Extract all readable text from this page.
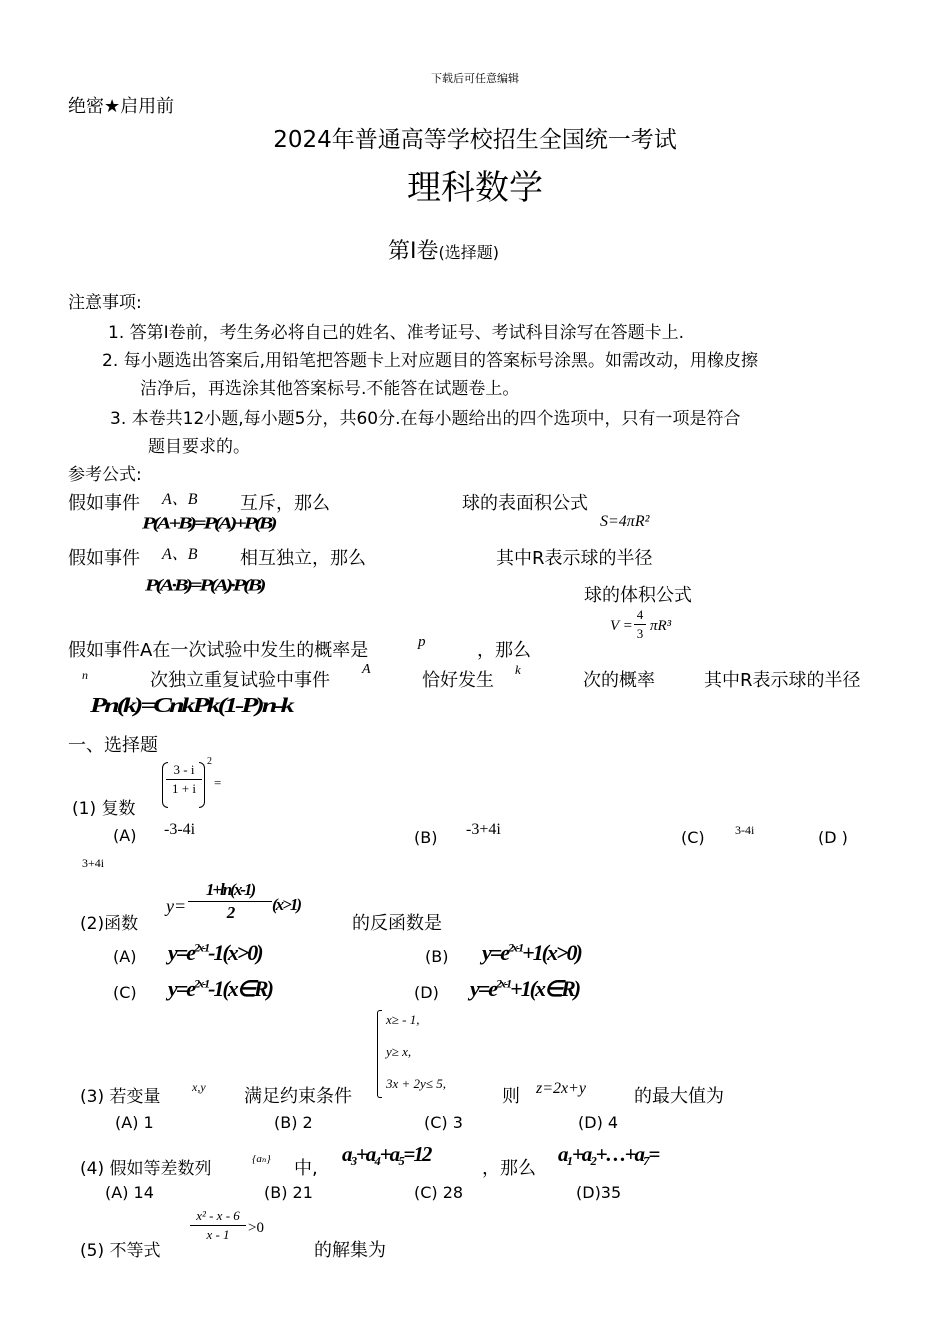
下载后可任意编辑
绝密★启用前
2024年普通高等学校招生全国统一考试
理科数学
第Ⅰ卷(选择题)
注意事项:
1. 答第Ⅰ卷前，考生务必将自己的姓名、准考证号、考试科目涂写在答题卡上.
2. 每小题选出答案后,用铅笔把答题卡上对应题目的答案标号涂黑。如需改动，用橡皮擦
洁净后，再选涂其他答案标号.不能答在试题卷上。
3. 本卷共12小题,每小题5分，共60分.在每小题给出的四个选项中，只有一项是符合
题目要求的。
参考公式:
假如事件 A、B 互斥，那么	球的表面积公式
P(A+B)=P(A)+P(B)	S=4πR²
假如事件 A、B 相互独立，那么	其中R表示球的半径
P(A·B)=P(A)·P(B)
球的体积公式
V =
4
3 πR³
假如事件A在一次试验中发生的概率是	p	，那么
n	次独立重复试验中事件
A
恰好发生
k
次的概率	其中R表示球的半径
Pn(k)=CnkPk(1-P)n-k
一、选择题
(1) 复数
3 - i
1 + i
2
=
(A) -3-4i	(B) -3+4i	(C)	3-4i	(D )
3+4i
(2)函数
y=
1+ln(x-1)
2	(x>1)
的反函数是
(A) $y=e^{2x-1}-1(x>0)$	(B) $y=e^{2x-1}+1(x>0)$
(C) $y=e^{2x-1}-1(x\in R)$	(D) $y=e^{2x-1}+1(x\in R)$
(3) 若变量	x,y 满足约束条件
x≥ - 1,
y≥ x,
3x + 2y≤ 5,
则 z=2x+y	的最大值为
(A) 1	(B) 2	(C) 3	(D) 4
(4) 假如等差数列	{aₙ} 中,
a₃+a₄+a₅=12
，那么
a₁+a₂+…+a₇=
(A) 14	(B) 21	(C) 28	(D)35
(5) 不等式
x² - x - 6
x - 1	>0
的解集为
